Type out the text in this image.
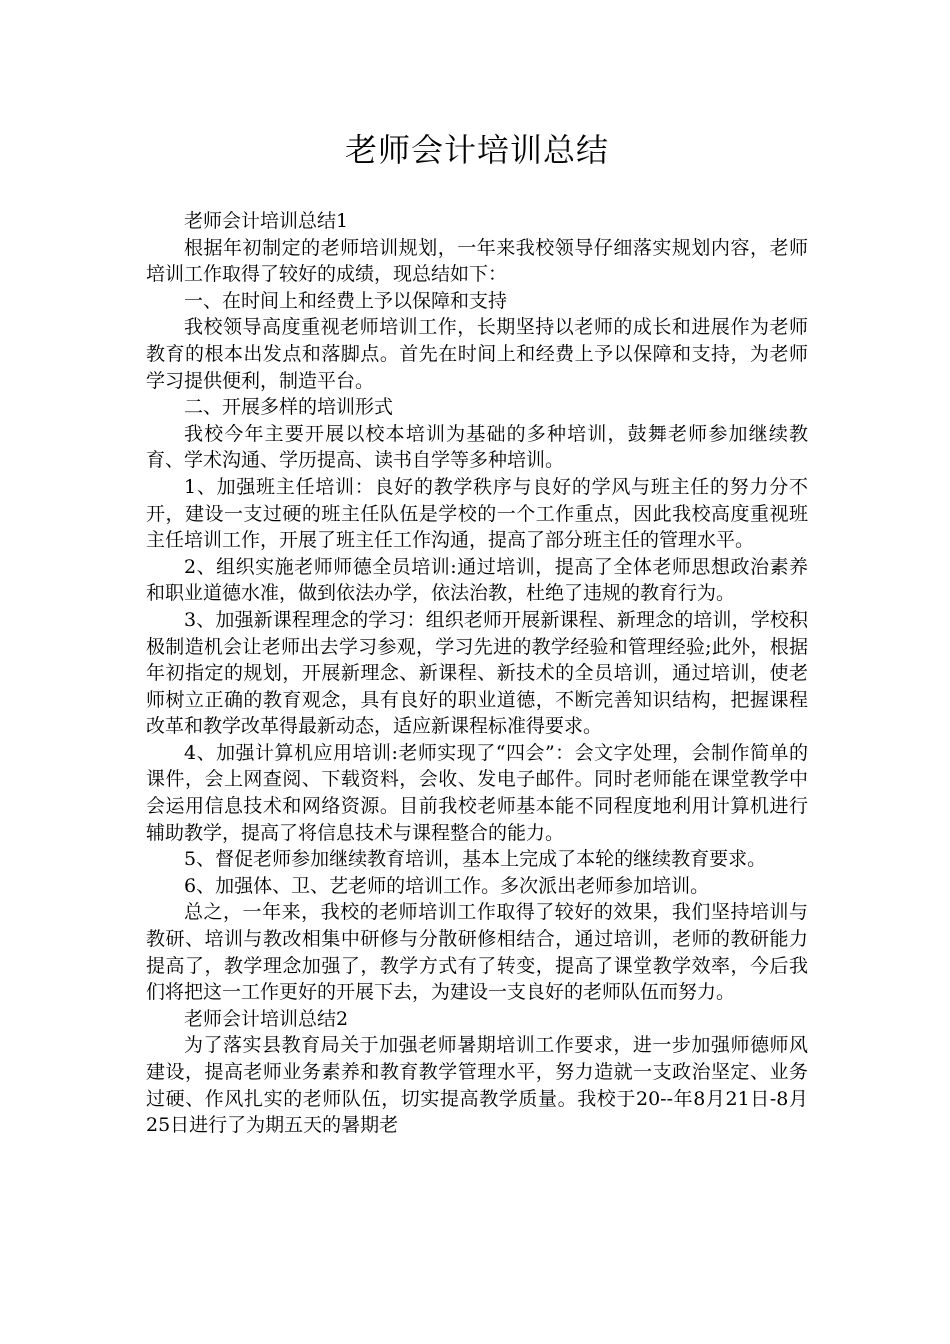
老师会计培训总结

老师会计培训总结1

根据年初制定的老师培训规划，一年来我校领导仔细落实规划内容，老师培训工作取得了较好的成绩，现总结如下：

一、在时间上和经费上予以保障和支持

我校领导高度重视老师培训工作，长期坚持以老师的成长和进展作为老师教育的根本出发点和落脚点。首先在时间上和经费上予以保障和支持，为老师学习提供便利，制造平台。

二、开展多样的培训形式

我校今年主要开展以校本培训为基础的多种培训，鼓舞老师参加继续教育、学术沟通、学历提高、读书自学等多种培训。

1、加强班主任培训：良好的教学秩序与良好的学风与班主任的努力分不开，建设一支过硬的班主任队伍是学校的一个工作重点，因此我校高度重视班主任培训工作，开展了班主任工作沟通，提高了部分班主任的管理水平。

2、组织实施老师师德全员培训:通过培训，提高了全体老师思想政治素养和职业道德水准，做到依法办学，依法治教，杜绝了违规的教育行为。

3、加强新课程理念的学习：组织老师开展新课程、新理念的培训，学校积极制造机会让老师出去学习参观，学习先进的教学经验和管理经验;此外，根据年初指定的规划，开展新理念、新课程、新技术的全员培训，通过培训，使老师树立正确的教育观念，具有良好的职业道德，不断完善知识结构，把握课程改革和教学改革得最新动态，适应新课程标准得要求。

4、加强计算机应用培训:老师实现了“四会”：会文字处理，会制作简单的课件，会上网查阅、下载资料，会收、发电子邮件。同时老师能在课堂教学中会运用信息技术和网络资源。目前我校老师基本能不同程度地利用计算机进行辅助教学，提高了将信息技术与课程整合的能力。

5、督促老师参加继续教育培训，基本上完成了本轮的继续教育要求。

6、加强体、卫、艺老师的培训工作。多次派出老师参加培训。

总之，一年来，我校的老师培训工作取得了较好的效果，我们坚持培训与教研、培训与教改相集中研修与分散研修相结合，通过培训，老师的教研能力提高了，教学理念加强了，教学方式有了转变，提高了课堂教学效率，今后我们将把这一工作更好的开展下去，为建设一支良好的老师队伍而努力。

老师会计培训总结2

为了落实县教育局关于加强老师暑期培训工作要求，进一步加强师德师风建设，提高老师业务素养和教育教学管理水平，努力造就一支政治坚定、业务过硬、作风扎实的老师队伍，切实提高教学质量。我校于20--年8月21日-8月25日进行了为期五天的暑期老
